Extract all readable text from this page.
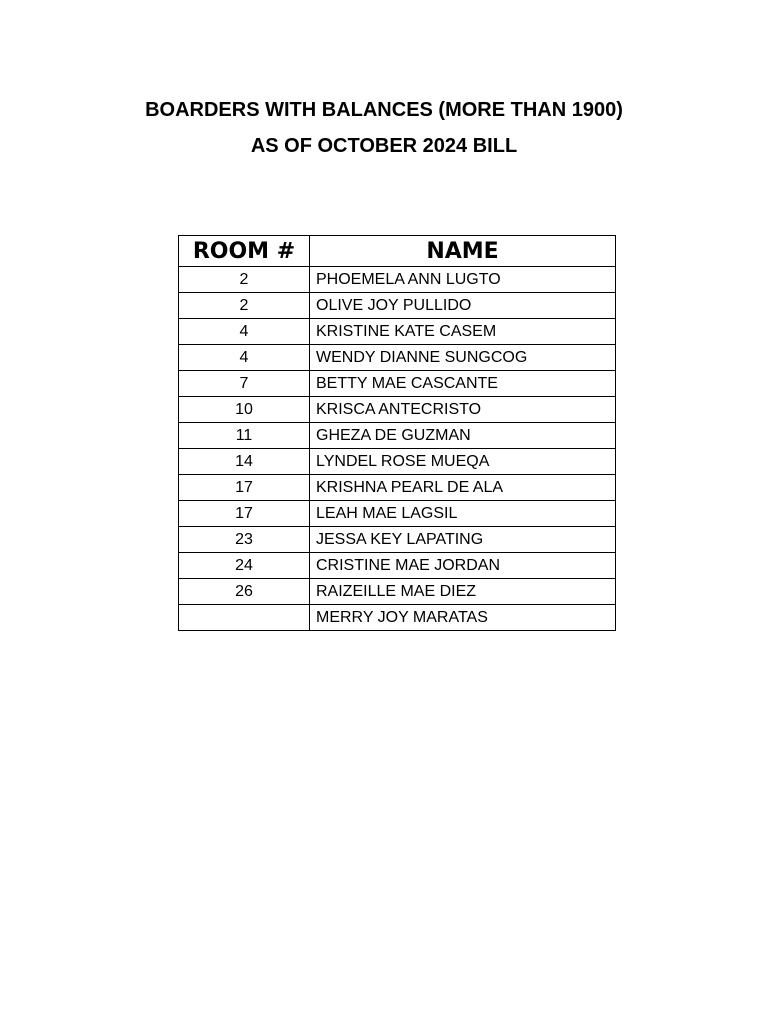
BOARDERS WITH BALANCES (MORE THAN 1900)
AS OF OCTOBER 2024 BILL
ROOM #	NAME
2	PHOEMELA ANN LUGTO
2	OLIVE JOY PULLIDO
4	KRISTINE KATE CASEM
4	WENDY DIANNE SUNGCOG
7	BETTY MAE CASCANTE
10	KRISCA ANTECRISTO
11	GHEZA DE GUZMAN
14	LYNDEL ROSE MUEQA
17	KRISHNA PEARL DE ALA
17	LEAH MAE LAGSIL
23	JESSA KEY LAPATING
24	CRISTINE MAE JORDAN
26	RAIZEILLE MAE DIEZ
	MERRY JOY MARATAS
